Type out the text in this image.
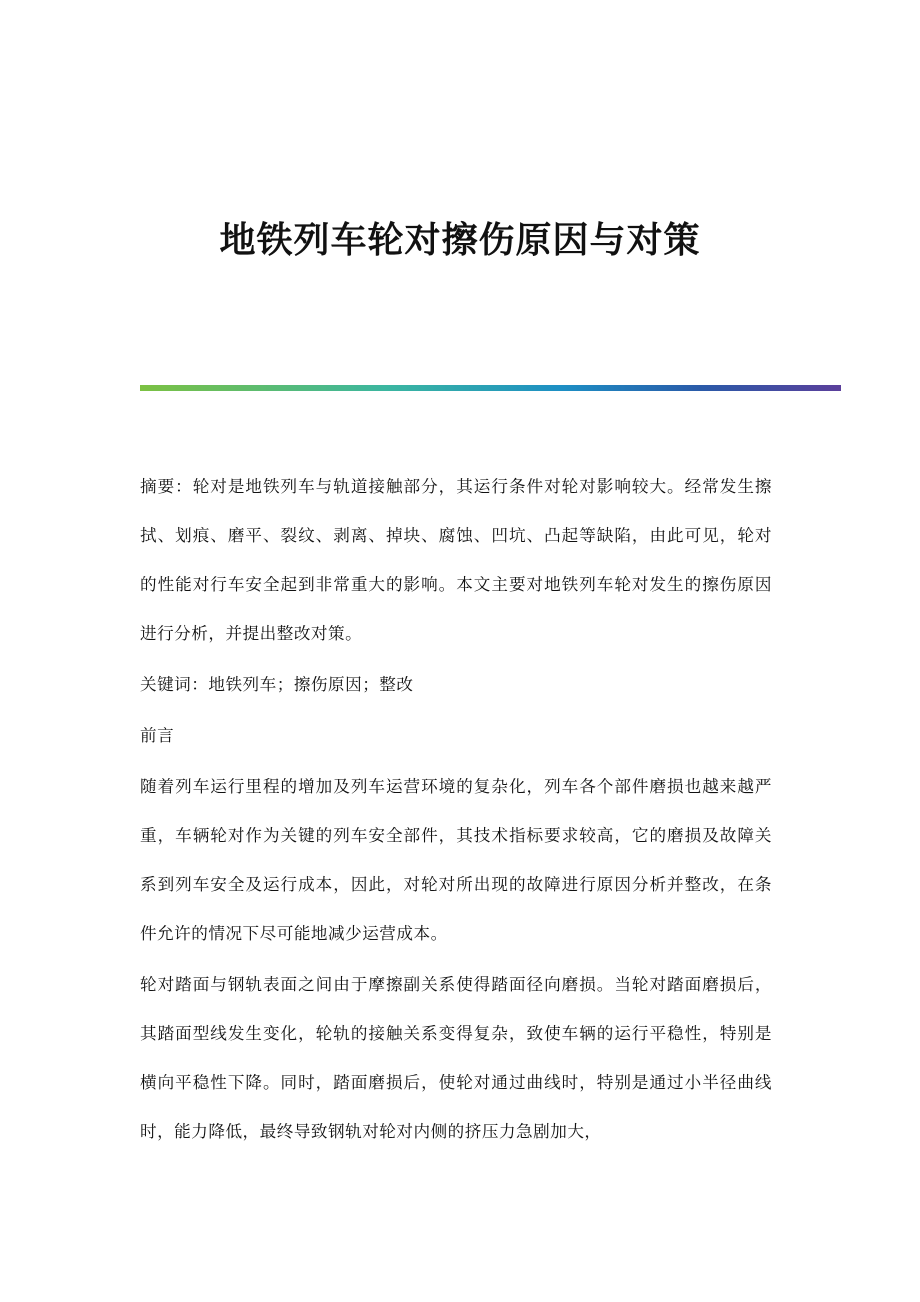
地铁列车轮对擦伤原因与对策

摘要：轮对是地铁列车与轨道接触部分，其运行条件对轮对影响较大。经常发生擦拭、划痕、磨平、裂纹、剥离、掉块、腐蚀、凹坑、凸起等缺陷，由此可见，轮对的性能对行车安全起到非常重大的影响。本文主要对地铁列车轮对发生的擦伤原因进行分析，并提出整改对策。

关键词：地铁列车；擦伤原因；整改

前言

随着列车运行里程的增加及列车运营环境的复杂化，列车各个部件磨损也越来越严重，车辆轮对作为关键的列车安全部件，其技术指标要求较高，它的磨损及故障关系到列车安全及运行成本，因此，对轮对所出现的故障进行原因分析并整改，在条件允许的情况下尽可能地减少运营成本。

轮对踏面与钢轨表面之间由于摩擦副关系使得踏面径向磨损。当轮对踏面磨损后，其踏面型线发生变化，轮轨的接触关系变得复杂，致使车辆的运行平稳性，特别是横向平稳性下降。同时，踏面磨损后，使轮对通过曲线时，特别是通过小半径曲线时，能力降低，最终导致钢轨对轮对内侧的挤压力急剧加大，
